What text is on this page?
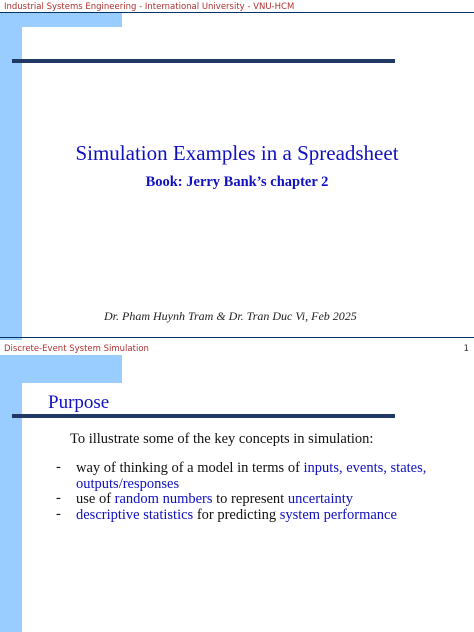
Industrial Systems Engineering - International University - VNU-HCM
Simulation Examples in a Spreadsheet
Book: Jerry Bank’s chapter 2
Dr. Pham Huynh Tram & Dr. Tran Duc Vi, Feb 2025
Discrete-Event System Simulation	1
Purpose
To illustrate some of the key concepts in simulation:
- way of thinking of a model in terms of inputs, events, states, outputs/responses
- use of random numbers to represent uncertainty
- descriptive statistics for predicting system performance
